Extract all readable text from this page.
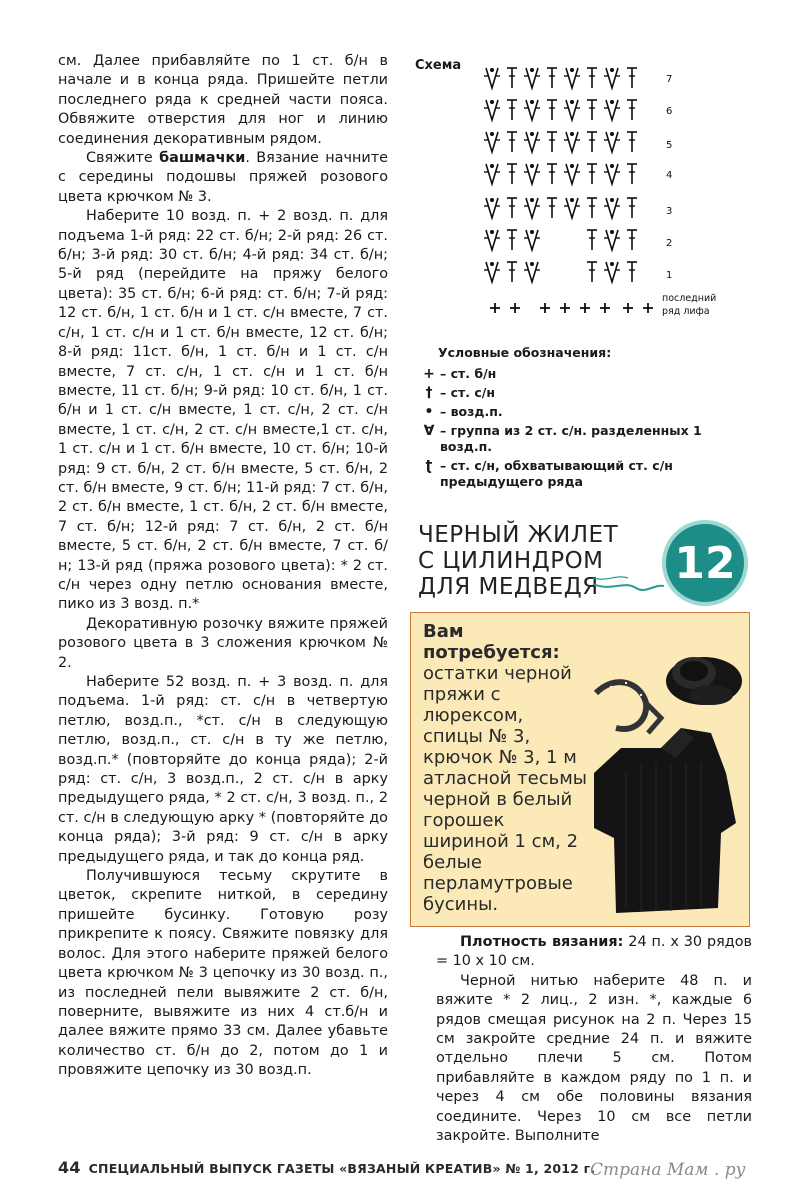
см. Далее прибавляйте по 1 ст. б/н в начале и в конца ряда. Пришейте петли последнего ряда к средней части пояса. Обвяжите отверстия для ног и линию соединения декоративным рядом.

Свяжите башмачки. Вязание начните с середины подошвы пряжей розового цвета крючком № 3.

Наберите 10 возд. п. + 2 возд. п. для подъема 1-й ряд: 22 ст. б/н; 2-й ряд: 26 ст. б/н; 3-й ряд: 30 ст. б/н; 4-й ряд: 34 ст. б/н; 5-й ряд (перейдите на пряжу белого цвета): 35 ст. б/н; 6-й ряд: ст. б/н; 7-й ряд: 12 ст. б/н, 1 ст. б/н и 1 ст. с/н вместе, 7 ст. с/н, 1 ст. с/н и 1 ст. б/н вместе, 12 ст. б/н; 8-й ряд: 11ст. б/н, 1 ст. б/н и 1 ст. с/н вместе, 7 ст. с/н, 1 ст. с/н и 1 ст. б/н вместе, 11 ст. б/н; 9-й ряд: 10 ст. б/н, 1 ст. б/н и 1 ст. с/н вместе, 1 ст. с/н, 2 ст. с/н вместе, 1 ст. с/н, 2 ст. с/н вместе,1 ст. с/н, 1 ст. с/н и 1 ст. б/н вместе, 10 ст. б/н; 10-й ряд: 9 ст. б/н, 2 ст. б/н вместе, 5 ст. б/н, 2 ст. б/н вместе, 9 ст. б/н; 11-й ряд: 7 ст. б/н, 2 ст. б/н вместе, 1 ст. б/н, 2 ст. б/н вместе, 7 ст. б/н; 12-й ряд: 7 ст. б/н, 2 ст. б/н вместе, 5 ст. б/н, 2 ст. б/н вместе, 7 ст. б/н; 13-й ряд (пряжа розового цвета): * 2 ст. с/н через одну петлю основания вместе, пико из 3 возд. п.*

Декоративную розочку вяжите пряжей розового цвета в 3 сложения крючком № 2.

Наберите 52 возд. п. + 3 возд. п. для подъема. 1-й ряд: ст. с/н в четвертую петлю, возд.п., *ст. с/н в следующую петлю, возд.п., ст. с/н в ту же петлю, возд.п.* (повторяйте до конца ряда); 2-й ряд: ст. с/н, 3 возд.п., 2 ст. с/н в арку предыдущего ряда, * 2 ст. с/н, 3 возд. п., 2 ст. с/н в следующую арку * (повторяйте до конца ряда); 3-й ряд: 9 ст. с/н в арку предыдущего ряда, и так до конца ряд.

Получившуюся тесьму скрутите в цветок, скрепите ниткой, в середину пришейте бусинку. Готовую розу прикрепите к поясу. Свяжите повязку для волос. Для этого наберите пряжей белого цвета крючком № 3 цепочку из 30 возд. п., из последней пели вывяжите 2 ст. б/н, поверните, вывяжите из них 4 ст.б/н и далее вяжите прямо 33 см. Далее убавьте количество ст. б/н до 2, потом до 1 и провяжите цепочку из 30 возд.п.

Схема
7
6
5
4
3
2
1
последний
ряд лифа
Условные обозначения:
+ – ст. б/н
† – ст. с/н
• – возд.п.
∀ – группа из 2 ст. с/н. разделенных 1 возд.п.
ʈ – ст. с/н, обхватывающий ст. с/н предыдущего ряда
ЧЕРНЫЙ ЖИЛЕТ
С ЦИЛИНДРОМ
ДЛЯ МЕДВЕДЯ	12
Вам потребуется:
остатки черной пряжи с люрексом, спицы № 3, крючок № 3, 1 м атласной тесьмы черной в белый горошек шириной 1 см, 2 белые перламутровые бусины.

Плотность вязания: 24 п. x 30 рядов = 10 x 10 см.

Черной нитью наберите 48 п. и вяжите * 2 лиц., 2 изн. *, каждые 6 рядов смещая рисунок на 2 п. Через 15 см закройте средние 24 п. и вяжите отдельно плечи 5 см. Потом прибавляйте в каждом ряду по 1 п. и через 4 см обе половины вязания соедините. Через 10 см все петли закройте. Выполните

44 СПЕЦИАЛЬНЫЙ ВЫПУСК ГАЗЕТЫ «ВЯЗАНЫЙ КРЕАТИВ» № 1, 2012 г.
Страна Мам . ру
